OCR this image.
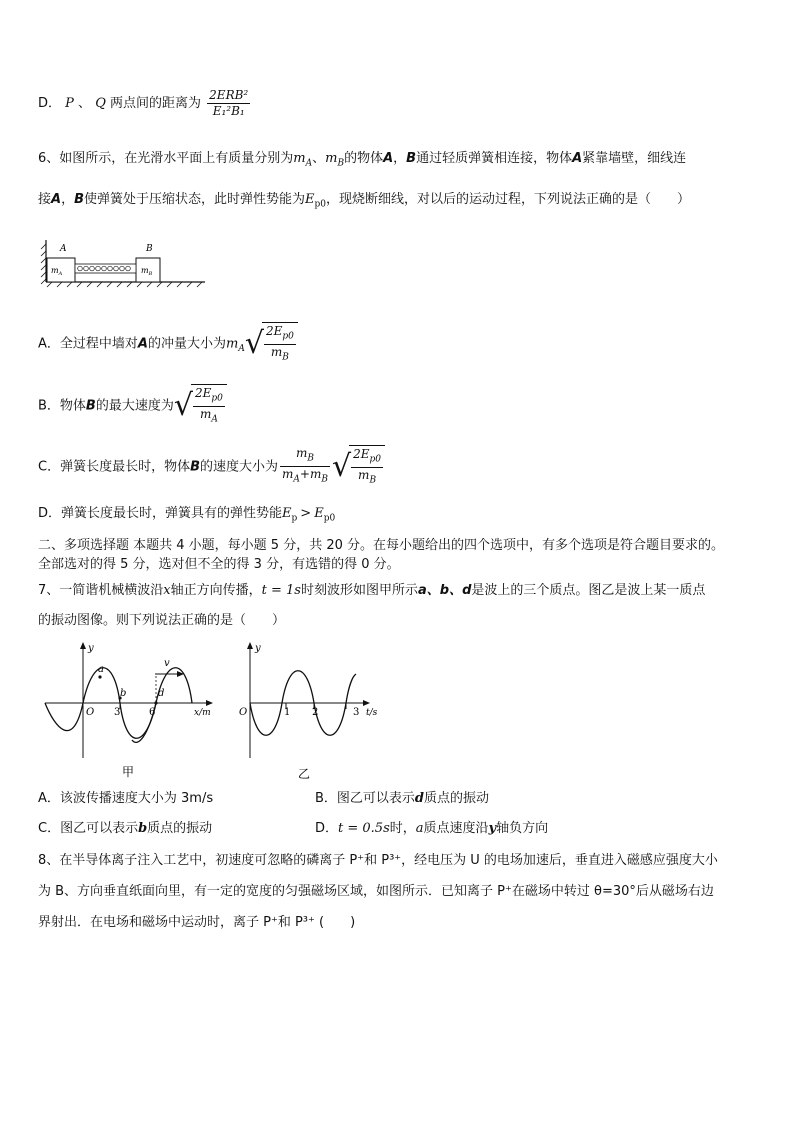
D． P 、 Q 两点间的距离为 $\frac{\text{2ERB²}}{\text{E₁²B₁}}$
6、如图所示，在光滑水平面上有质量分别为$m_A$、$m_B$的物体A，B通过轻质弹簧相连接，物体A紧靠墙壁，细线连
接A，B使弹簧处于压缩状态，此时弹性势能为$E_{p0}$，现烧断细线，对以后的运动过程，下列说法正确的是（　　）
A	B
$m_A$	$m_B$
A．全过程中墙对A的冲量大小为$m_A√ \frac{2E_{p0}}{m_B}$
B．物体B的最大速度为√ $\frac{2E_{p0}}{m_A}$
C．弹簧长度最长时，物体B的速度大小为 $\frac{m_B}{m_A+m_B}$ √ $\frac{2E_{p0}}{m_B}$
D．弹簧长度最长时，弹簧具有的弹性势能$E_p > E_{p0}$
二、多项选择题 本题共 4 小题，每小题 5 分，共 20 分。在每小题给出的四个选项中，有多个选项是符合题目要求的。
全部选对的得 5 分，选对但不全的得 3 分，有选错的得 0 分。
7、一简谐机械横波沿x轴正方向传播，t = 1s时刻波形如图甲所示a、b、d是波上的三个质点。图乙是波上某一质点
的振动图像。则下列说法正确的是（　　）
y
a
b	d
v
O 3	6	x/m
甲
y
O	1 2	3 t/s
乙
A．该波传播速度大小为 3m/s	B．图乙可以表示d质点的振动
C．图乙可以表示b质点的振动	D．t = 0.5s时，a质点速度沿y轴负方向
8、在半导体离子注入工艺中，初速度可忽略的磷离子 P⁺和 P³⁺，经电压为 U 的电场加速后，垂直进入磁感应强度大小
为 B、方向垂直纸面向里，有一定的宽度的匀强磁场区域，如图所示．已知离子 P⁺在磁场中转过 θ=30°后从磁场右边
界射出．在电场和磁场中运动时，离子 P⁺和 P³⁺ (　　)
